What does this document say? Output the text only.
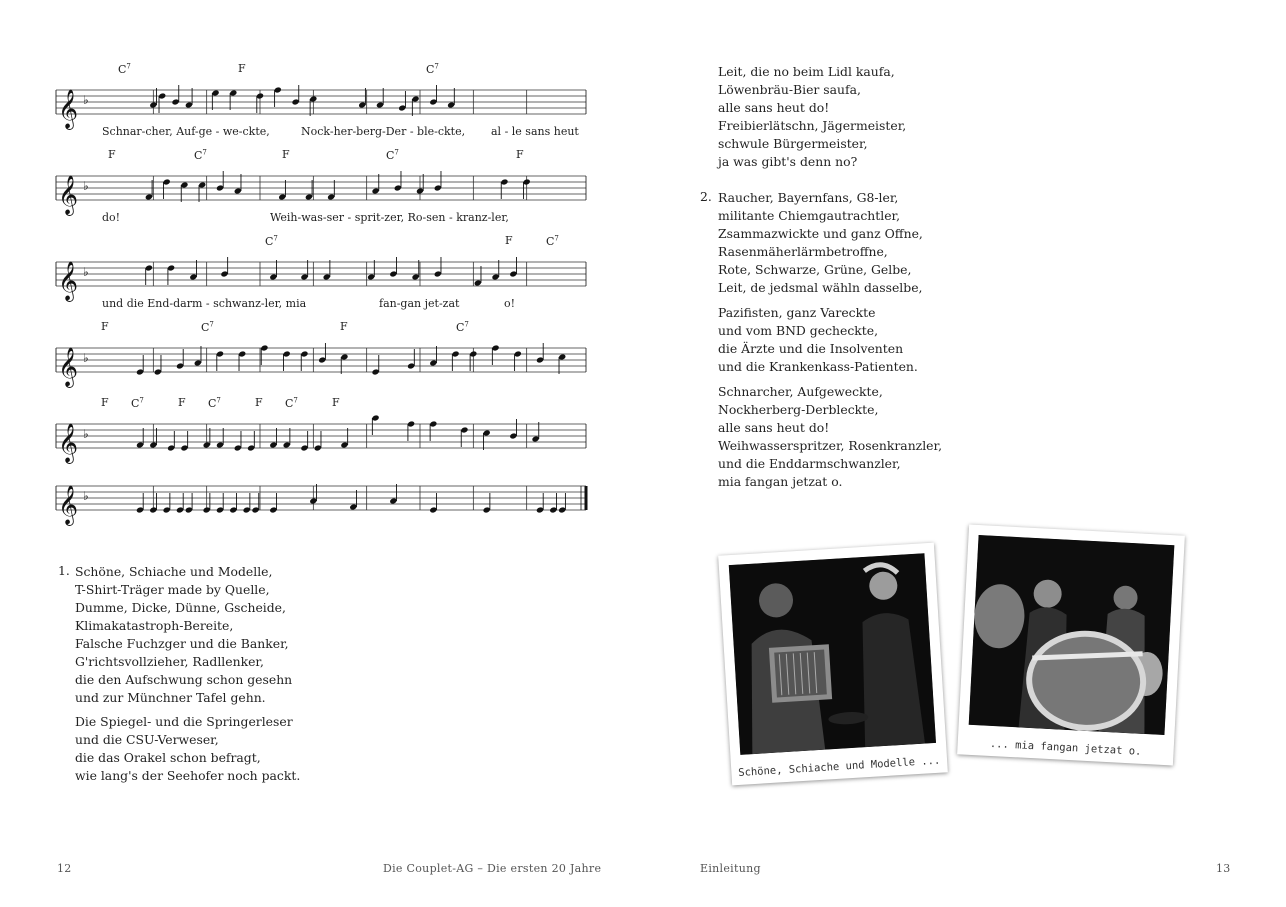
$C^7$	F	$C^7$
𝄞 ♭
Schnar-cher, Auf-ge - we-ckte,	Nock-her-berg-Der - ble-ckte, al - le sans heut
F	$C^7$	F	$C^7$	F
𝄞 ♭
do!	Weih-was-ser - sprit-zer, Ro-sen - kranz-ler,
$C^7$	F	$C^7$
𝄞 ♭
und die End-darm - schwanz-ler, mia	fan-gan jet-zat	o!
F	$C^7$	F	$C^7$
𝄞 ♭
F $C^7$	F $C^7$	F $C^7$	F
𝄞 ♭
𝄞 ♭
1. Schöne, Schiache und Modelle,
T-Shirt-Träger made by Quelle,
Dumme, Dicke, Dünne, Gscheide,
Klimakatastroph-Bereite,
Falsche Fuchzger und die Banker,
G'richtsvollzieher, Radllenker,
die den Aufschwung schon gesehn
und zur Münchner Tafel gehn.
Die Spiegel- und die Springerleser
und die CSU-Verweser,
die das Orakel schon befragt,
wie lang's der Seehofer noch packt.
12	Die Couplet-AG – Die ersten 20 Jahre
Leit, die no beim Lidl kaufa,
Löwenbräu-Bier saufa,
alle sans heut do!
Freibierlätschn, Jägermeister,
schwule Bürgermeister,
ja was gibt's denn no?
2. Raucher, Bayernfans, G8-ler,
militante Chiemgautrachtler,
Zsammazwickte und ganz Offne,
Rasenmäherlärmbetroffne,
Rote, Schwarze, Grüne, Gelbe,
Leit, de jedsmal wähln dasselbe,
Pazifisten, ganz Vareckte
und vom BND gecheckte,
die Ärzte und die Insolventen
und die Krankenkass-Patienten.
Schnarcher, Aufgeweckte,
Nockherberg-Derbleckte,
alle sans heut do!
Weihwasserspritzer, Rosenkranzler,
und die Enddarmschwanzler,
mia fangan jetzat o.
Schöne, Schiache und Modelle ...
... mia fangan jetzat o.
Einleitung	13
